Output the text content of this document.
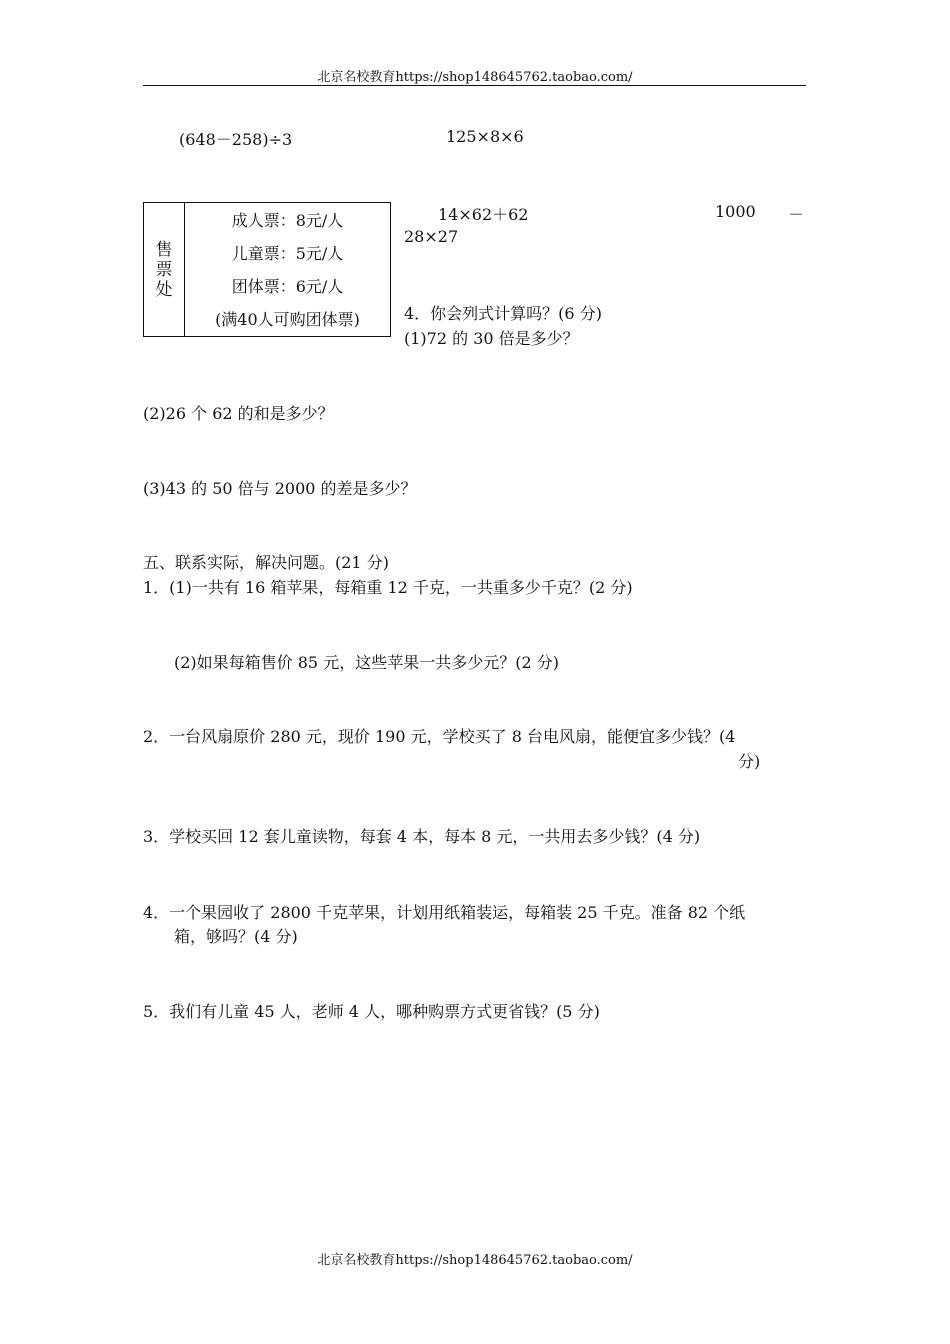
北京名校教育https://shop148645762.taobao.com/
(648－258)÷3	125×8×6
售
票
处

成人票：8元/人
儿童票：5元/人
团体票：6元/人
(满40人可购团体票)
14×62＋62	1000 －
28×27
4．你会列式计算吗？(6 分)
(1)72 的 30 倍是多少？
(2)26 个 62 的和是多少？
(3)43 的 50 倍与 2000 的差是多少？
五、联系实际，解决问题。(21 分)
1．(1)一共有 16 箱苹果，每箱重 12 千克，一共重多少千克？(2 分)
(2)如果每箱售价 85 元，这些苹果一共多少元？(2 分)
2．一台风扇原价 280 元，现价 190 元，学校买了 8 台电风扇，能便宜多少钱？(4
分)
3．学校买回 12 套儿童读物，每套 4 本，每本 8 元，一共用去多少钱？(4 分)
4．一个果园收了 2800 千克苹果，计划用纸箱装运，每箱装 25 千克。准备 82 个纸
箱，够吗？(4 分)
5．我们有儿童 45 人，老师 4 人，哪种购票方式更省钱？(5 分)
北京名校教育https://shop148645762.taobao.com/
